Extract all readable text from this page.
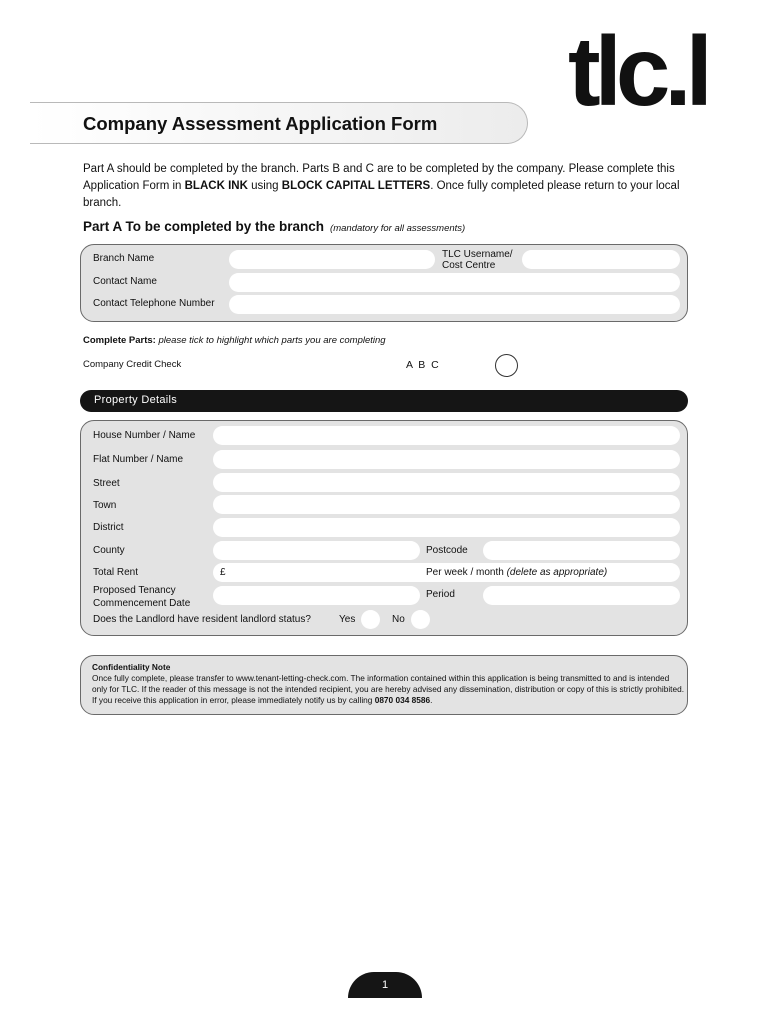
Company Assessment Application Form tlc.l
Part A should be completed by the branch. Parts B and C are to be completed by the company. Please complete this Application Form in BLACK INK using BLOCK CAPITAL LETTERS. Once fully completed please return to your local branch.
Part A To be completed by the branch (mandatory for all assessments)
Branch Name	TLC Username/
Cost Centre
Contact Name
Contact Telephone Number
Complete Parts: please tick to highlight which parts you are completing
Company Credit Check	A  B  C
Property Details
House Number / Name
Flat Number / Name
Street
Town
District
County	Postcode
Total Rent	£	Per week / month (delete as appropriate)
Proposed Tenancy
Commencement Date
Period
Does the Landlord have resident landlord status?	Yes	No
Confidentiality Note
Once fully complete, please transfer to www.tenant-letting-check.com. The information contained within this application is being transmitted to and is intended only for TLC. If the reader of this message is not the intended recipient, you are hereby advised any dissemination, distribution or copy of this is strictly prohibited. If you receive this application in error, please immediately notify us by calling 0870 034 8586.
1
